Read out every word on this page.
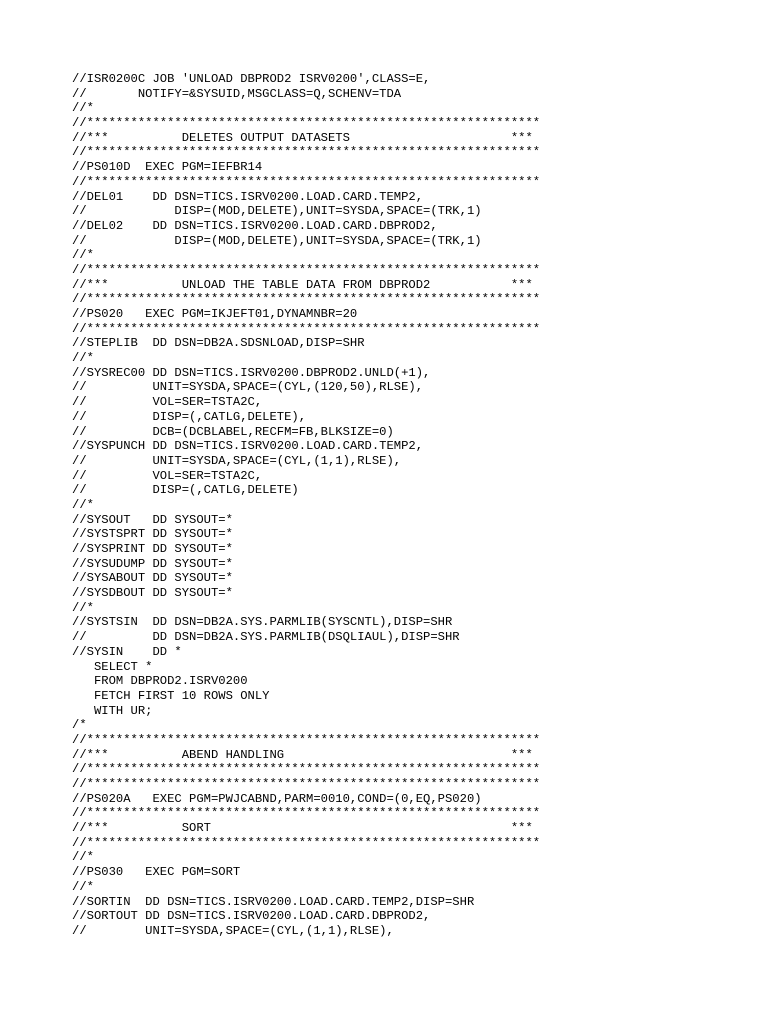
//ISR0200C JOB 'UNLOAD DBPROD2 ISRV0200',CLASS=E,
//       NOTIFY=&SYSUID,MSGCLASS=Q,SCHENV=TDA
//*
//**************************************************************
//***          DELETES OUTPUT DATASETS                      ***
//**************************************************************
//PS010D  EXEC PGM=IEFBR14
//**************************************************************
//DEL01    DD DSN=TICS.ISRV0200.LOAD.CARD.TEMP2,
//            DISP=(MOD,DELETE),UNIT=SYSDA,SPACE=(TRK,1)
//DEL02    DD DSN=TICS.ISRV0200.LOAD.CARD.DBPROD2,
//            DISP=(MOD,DELETE),UNIT=SYSDA,SPACE=(TRK,1)
//*
//**************************************************************
//***          UNLOAD THE TABLE DATA FROM DBPROD2           ***
//**************************************************************
//PS020   EXEC PGM=IKJEFT01,DYNAMNBR=20
//**************************************************************
//STEPLIB  DD DSN=DB2A.SDSNLOAD,DISP=SHR
//*
//SYSREC00 DD DSN=TICS.ISRV0200.DBPROD2.UNLD(+1),
//         UNIT=SYSDA,SPACE=(CYL,(120,50),RLSE),
//         VOL=SER=TSTA2C,
//         DISP=(,CATLG,DELETE),
//         DCB=(DCBLABEL,RECFM=FB,BLKSIZE=0)
//SYSPUNCH DD DSN=TICS.ISRV0200.LOAD.CARD.TEMP2,
//         UNIT=SYSDA,SPACE=(CYL,(1,1),RLSE),
//         VOL=SER=TSTA2C,
//         DISP=(,CATLG,DELETE)
//*
//SYSOUT   DD SYSOUT=*
//SYSTSPRT DD SYSOUT=*
//SYSPRINT DD SYSOUT=*
//SYSUDUMP DD SYSOUT=*
//SYSABOUT DD SYSOUT=*
//SYSDBOUT DD SYSOUT=*
//*
//SYSTSIN  DD DSN=DB2A.SYS.PARMLIB(SYSCNTL),DISP=SHR
//         DD DSN=DB2A.SYS.PARMLIB(DSQLIAUL),DISP=SHR
//SYSIN    DD *
SELECT *
FROM DBPROD2.ISRV0200
FETCH FIRST 10 ROWS ONLY
WITH UR;
/*
//**************************************************************
//***          ABEND HANDLING                               ***
//**************************************************************
//**************************************************************
//PS020A   EXEC PGM=PWJCABND,PARM=0010,COND=(0,EQ,PS020)
//**************************************************************
//***          SORT                                         ***
//**************************************************************
//*
//PS030   EXEC PGM=SORT
//*
//SORTIN  DD DSN=TICS.ISRV0200.LOAD.CARD.TEMP2,DISP=SHR
//SORTOUT DD DSN=TICS.ISRV0200.LOAD.CARD.DBPROD2,
//        UNIT=SYSDA,SPACE=(CYL,(1,1),RLSE),
